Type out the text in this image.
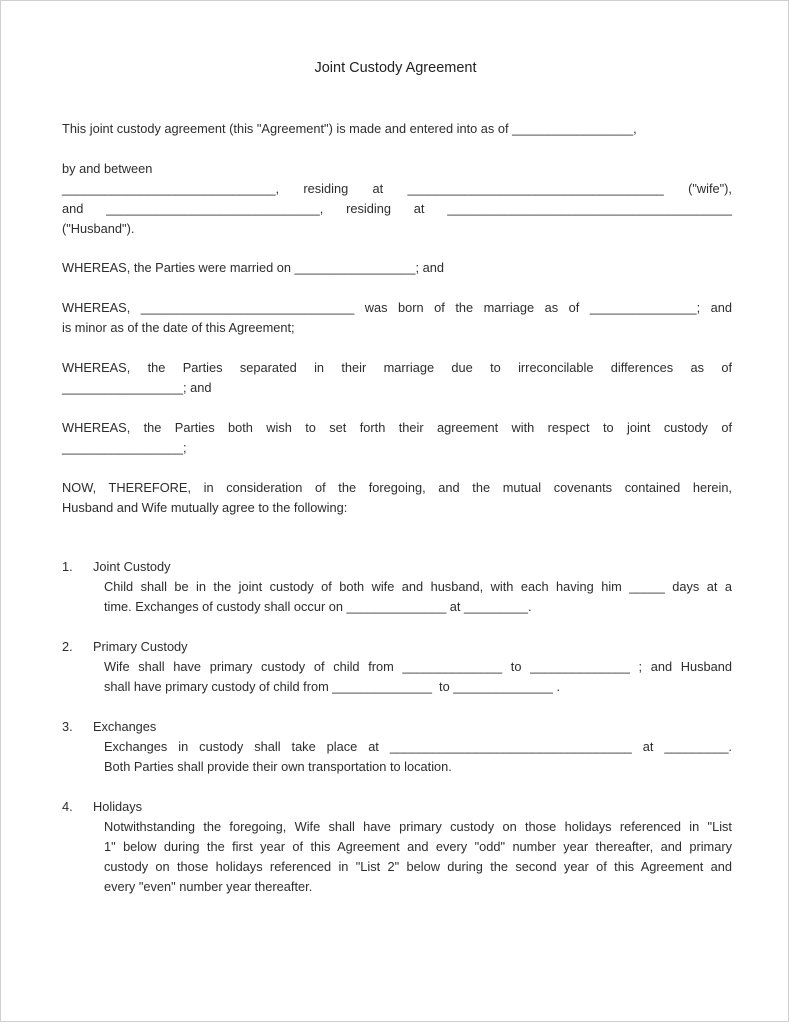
Joint Custody Agreement
This joint custody agreement (this "Agreement") is made and entered into as of _________________,
by and between
______________________________, residing at ____________________________________ ("wife"),
and ______________________________, residing at ________________________________________
("Husband").
WHEREAS, the Parties were married on _________________; and
WHEREAS, ______________________________ was born of the marriage as of _______________; and
is minor as of the date of this Agreement;
WHEREAS, the Parties separated in their marriage due to irreconcilable differences as of
_________________; and
WHEREAS, the Parties both wish to set forth their agreement with respect to joint custody of
_________________;
NOW, THEREFORE, in consideration of the foregoing, and the mutual covenants contained herein,
Husband and Wife mutually agree to the following:
1. Joint Custody
Child shall be in the joint custody of both wife and husband, with each having him _____ days at a
time. Exchanges of custody shall occur on ______________ at _________.
2. Primary Custody
Wife shall have primary custody of child from ______________ to ______________ ; and Husband
shall have primary custody of child from ______________  to ______________ .
3. Exchanges
Exchanges in custody shall take place at __________________________________ at _________.
Both Parties shall provide their own transportation to location.
4. Holidays
Notwithstanding the foregoing, Wife shall have primary custody on those holidays referenced in "List
1" below during the first year of this Agreement and every "odd" number year thereafter, and primary
custody on those holidays referenced in "List 2" below during the second year of this Agreement and
every "even" number year thereafter.
